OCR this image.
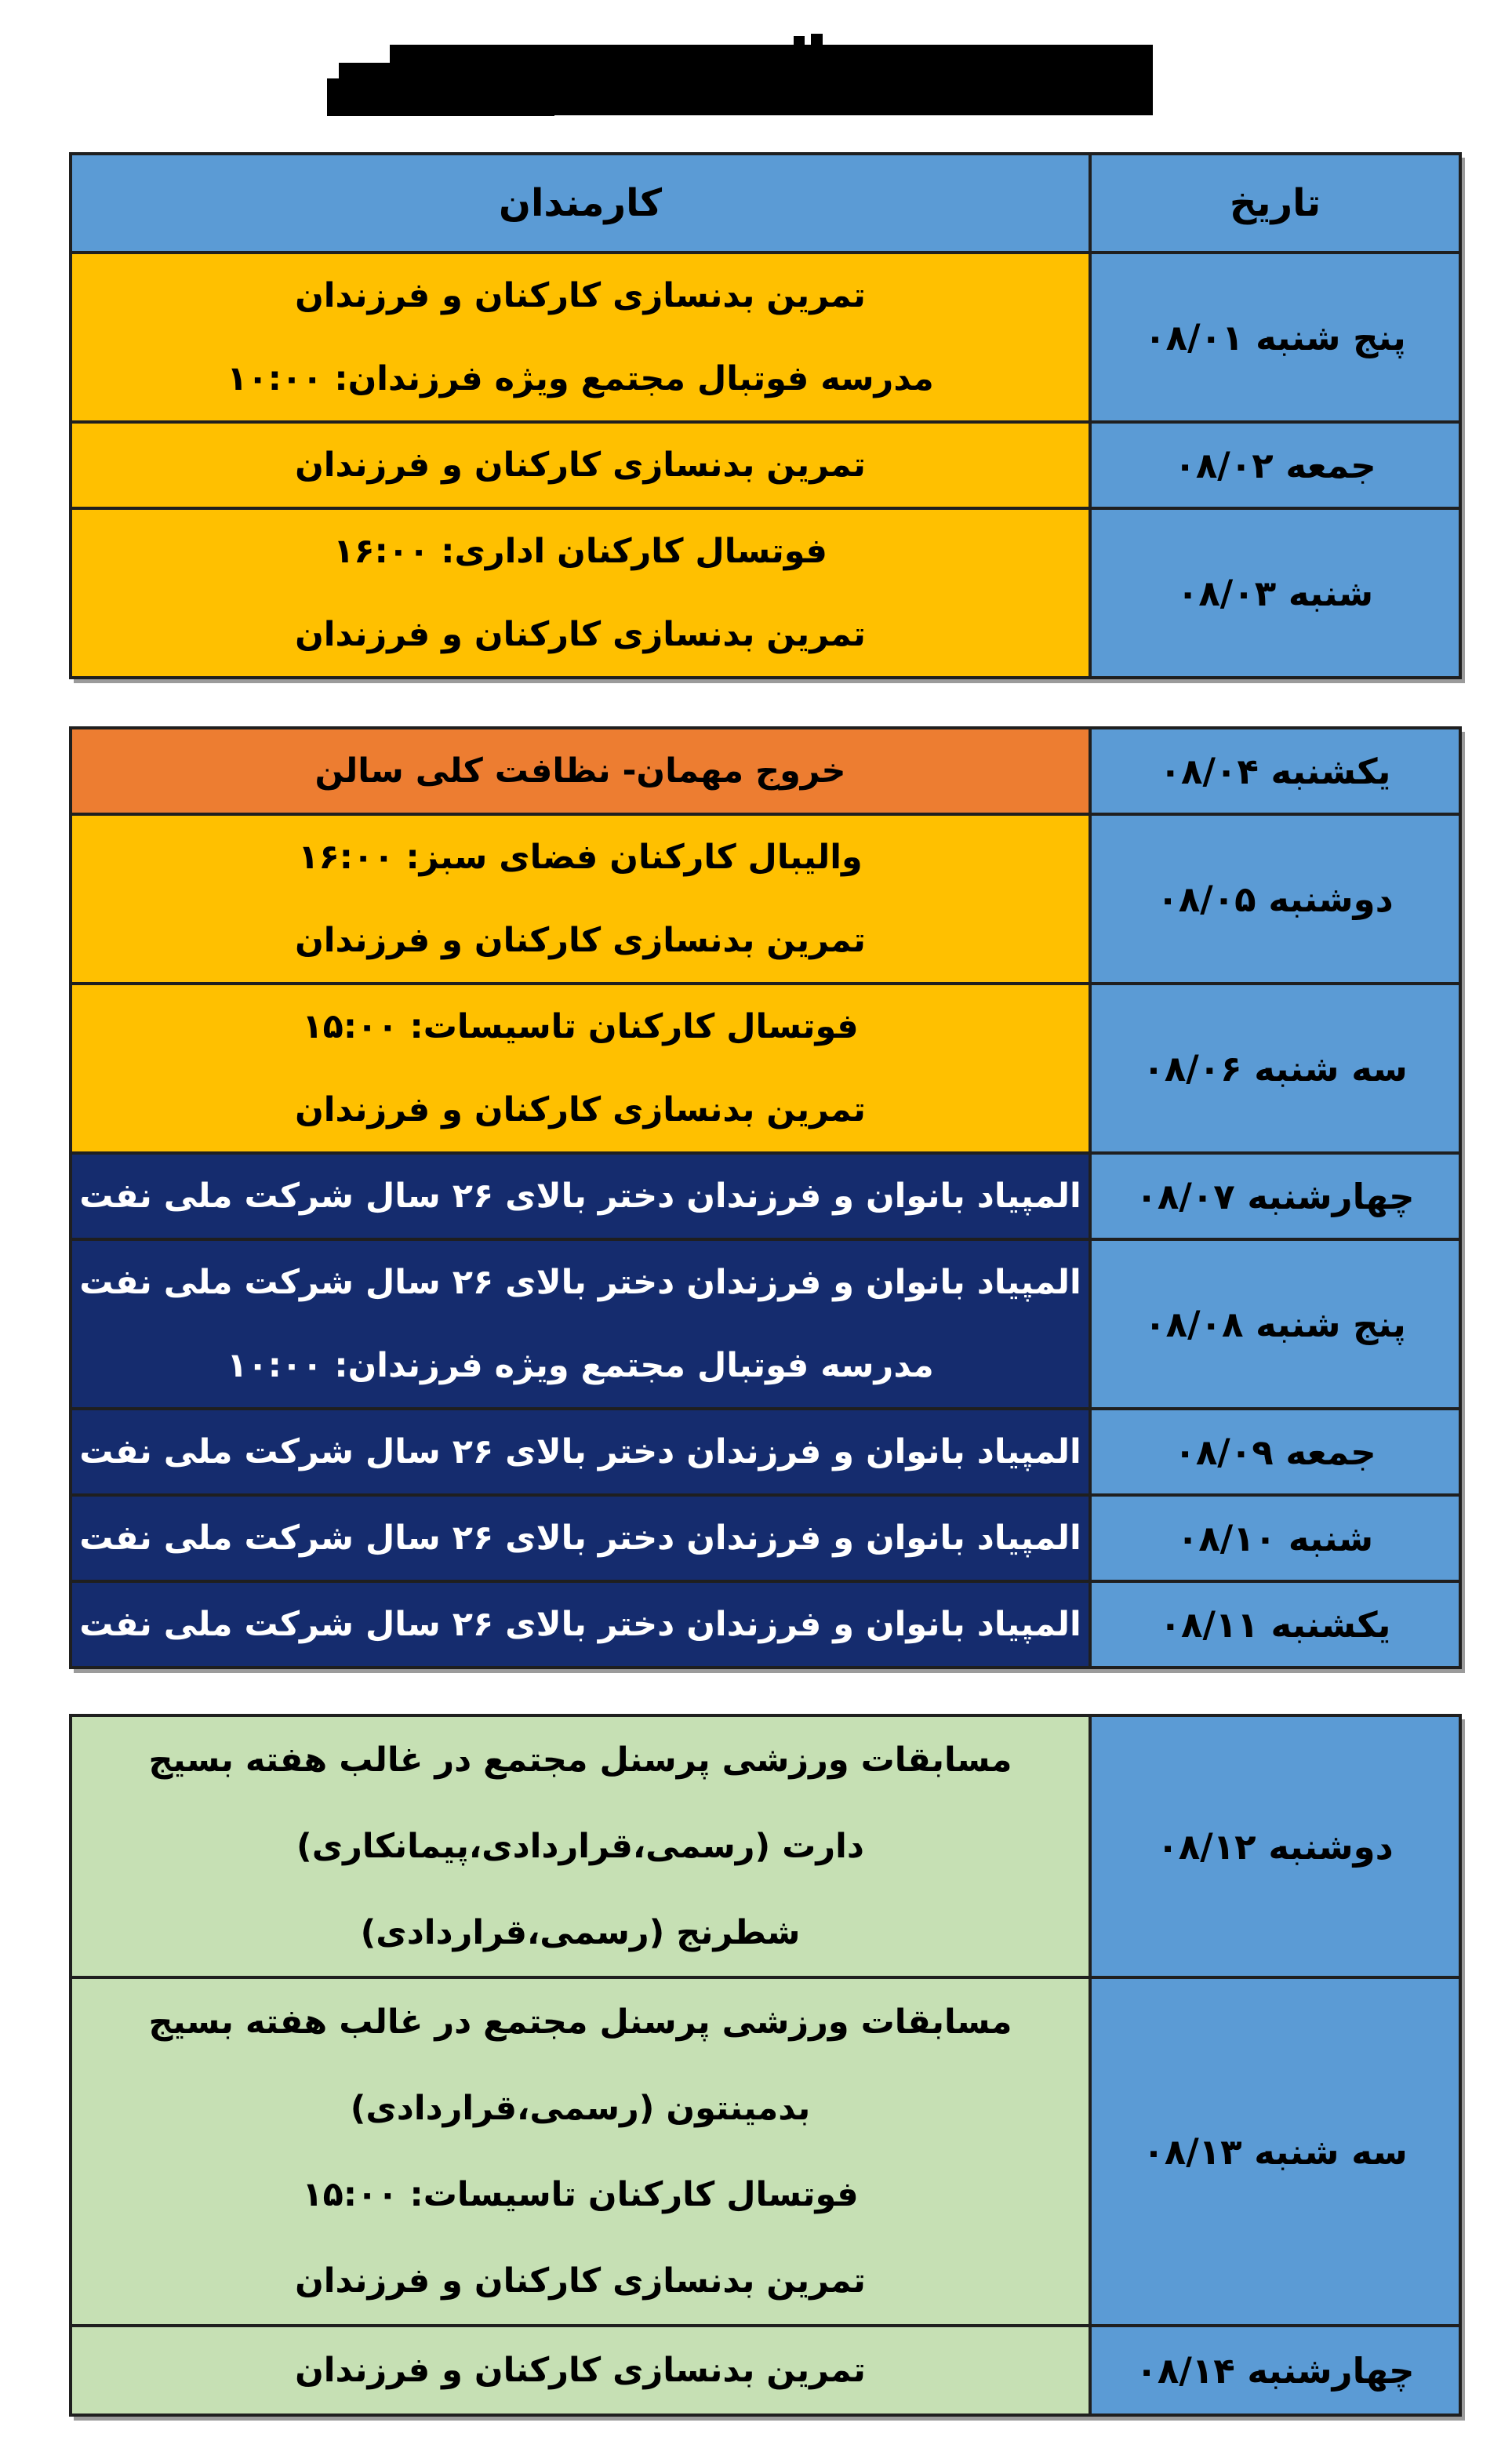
تاریخ	کارمندان

پنج شنبه ۰۸/۰۱	تمرین بدنسازی کارکنان و فرزندان
مدرسه فوتبال مجتمع ویژه فرزندان: ۱۰:۰۰

جمعه ۰۸/۰۲	تمرین بدنسازی کارکنان و فرزندان

شنبه ۰۸/۰۳	فوتسال کارکنان اداری: ۱۶:۰۰
تمرین بدنسازی کارکنان و فرزندان
یکشنبه ۰۸/۰۴	خروج مهمان- نظافت کلی سالن

دوشنبه ۰۸/۰۵	والیبال کارکنان فضای سبز: ۱۶:۰۰
تمرین بدنسازی کارکنان و فرزندان

سه شنبه ۰۸/۰۶	فوتسال کارکنان تاسیسات: ۱۵:۰۰
تمرین بدنسازی کارکنان و فرزندان

چهارشنبه ۰۸/۰۷	المپیاد بانوان و فرزندان دختر بالای ۲۶ سال شرکت ملی نفت

پنج شنبه ۰۸/۰۸	المپیاد بانوان و فرزندان دختر بالای ۲۶ سال شرکت ملی نفت
مدرسه فوتبال مجتمع ویژه فرزندان: ۱۰:۰۰

جمعه ۰۸/۰۹	المپیاد بانوان و فرزندان دختر بالای ۲۶ سال شرکت ملی نفت

شنبه ۰۸/۱۰	المپیاد بانوان و فرزندان دختر بالای ۲۶ سال شرکت ملی نفت

یکشنبه ۰۸/۱۱	المپیاد بانوان و فرزندان دختر بالای ۲۶ سال شرکت ملی نفت
دوشنبه ۰۸/۱۲	مسابقات ورزشی پرسنل مجتمع در غالب هفته بسیج
دارت (رسمی،قراردادی،پیمانکاری)
شطرنج (رسمی،قراردادی)

سه شنبه ۰۸/۱۳	مسابقات ورزشی پرسنل مجتمع در غالب هفته بسیج
بدمینتون (رسمی،قراردادی)
فوتسال کارکنان تاسیسات: ۱۵:۰۰
تمرین بدنسازی کارکنان و فرزندان

چهارشنبه ۰۸/۱۴	تمرین بدنسازی کارکنان و فرزندان
